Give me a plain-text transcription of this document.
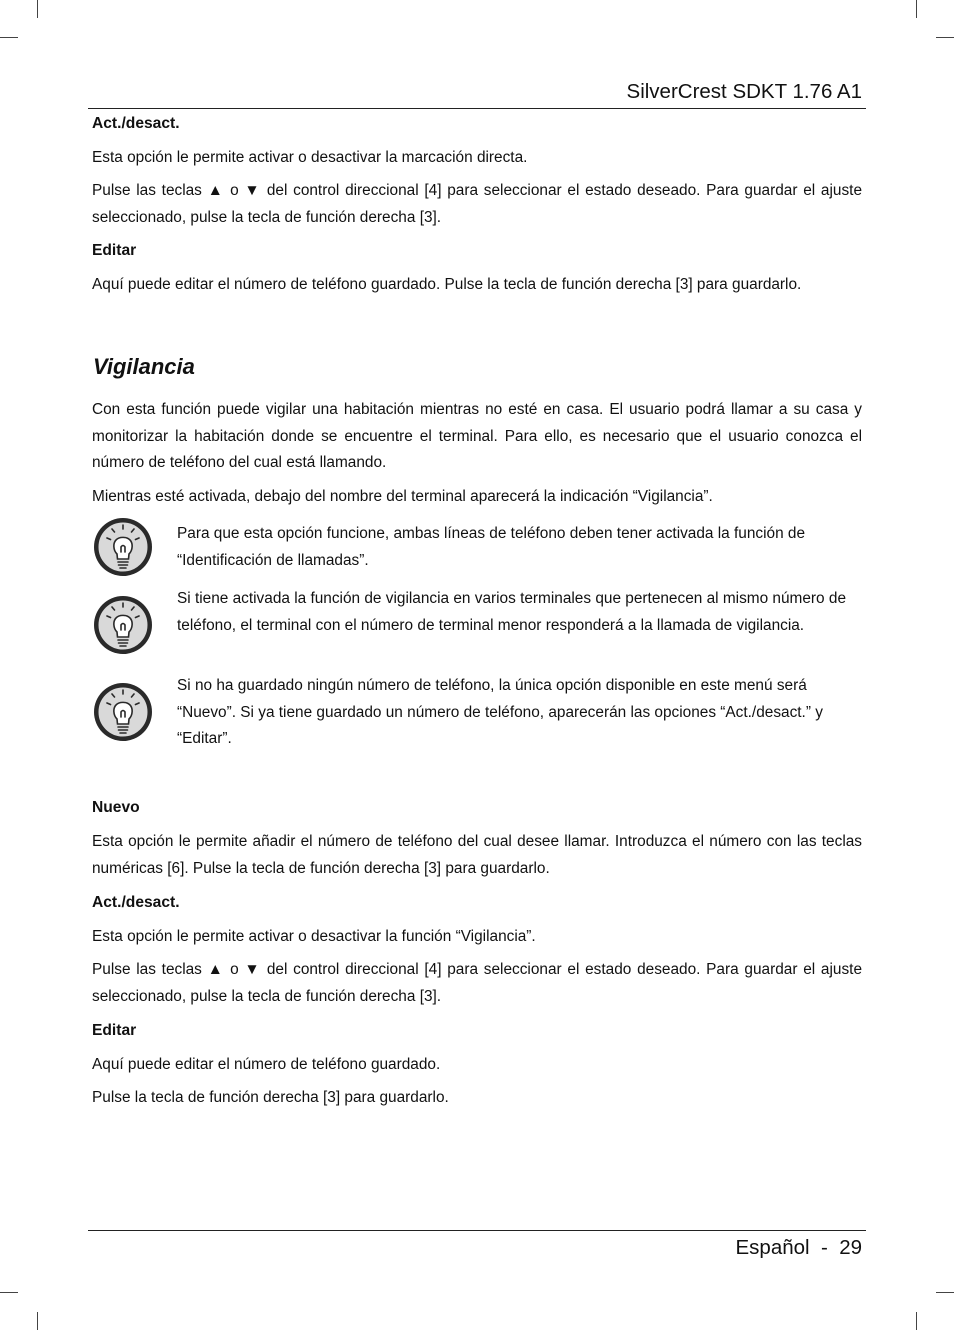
SilverCrest SDKT 1.76 A1

Act./desact.

Esta opción le permite activar o desactivar la marcación directa.

Pulse las teclas ▲ o ▼ del control direccional [4] para seleccionar el estado deseado. Para guardar el ajuste seleccionado, pulse la tecla de función derecha [3].

Editar

Aquí puede editar el número de teléfono guardado. Pulse la tecla de función derecha [3] para guardarlo.

Vigilancia

Con esta función puede vigilar una habitación mientras no esté en casa. El usuario podrá llamar a su casa y monitorizar la habitación donde se encuentre el terminal. Para ello, es necesario que el usuario conozca el número de teléfono del cual está llamando.

Mientras esté activada, debajo del nombre del terminal aparecerá la indicación “Vigilancia”.

Para que esta opción funcione, ambas líneas de teléfono deben tener activada la función de “Identificación de llamadas”.

Si tiene activada la función de vigilancia en varios terminales que pertenecen al mismo número de teléfono, el terminal con el número de terminal menor responderá a la llamada de vigilancia.

Si no ha guardado ningún número de teléfono, la única opción disponible en este menú será “Nuevo”. Si ya tiene guardado un número de teléfono, aparecerán las opciones “Act./desact.” y “Editar”.

Nuevo

Esta opción le permite añadir el número de teléfono del cual desee llamar. Introduzca el número con las teclas numéricas [6]. Pulse la tecla de función derecha [3] para guardarlo.

Act./desact.

Esta opción le permite activar o desactivar la función “Vigilancia”.

Pulse las teclas ▲ o ▼ del control direccional [4] para seleccionar el estado deseado. Para guardar el ajuste seleccionado, pulse la tecla de función derecha [3].

Editar

Aquí puede editar el número de teléfono guardado.

Pulse la tecla de función derecha [3] para guardarlo.

Español  -  29
